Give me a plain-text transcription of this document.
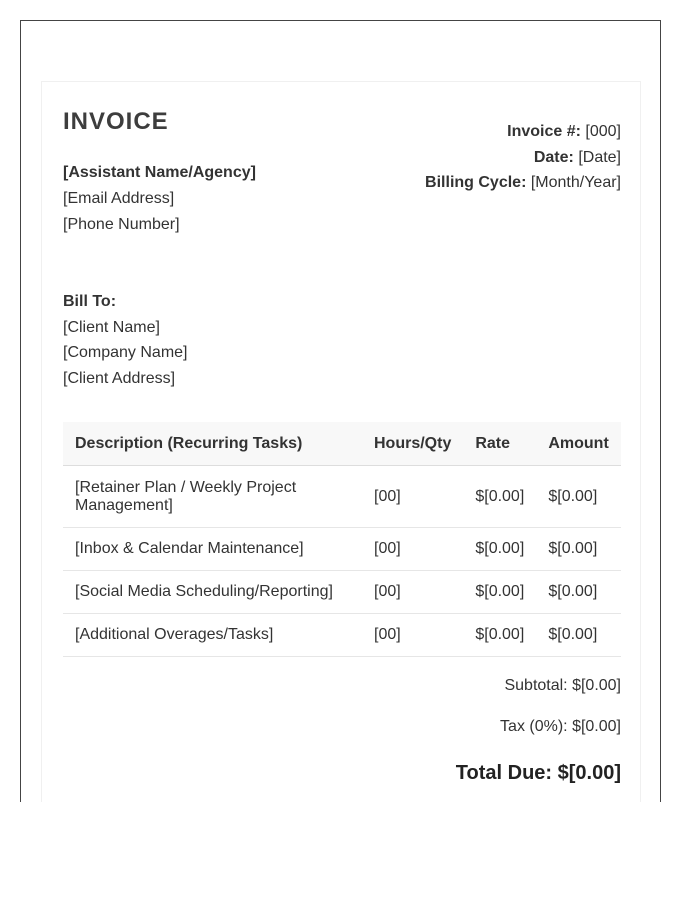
INVOICE
[Assistant Name/Agency]
[Email Address]
[Phone Number]
Invoice #: [000]
Date: [Date]
Billing Cycle: [Month/Year]
Bill To:
[Client Name]
[Company Name]
[Client Address]
Description (Recurring Tasks)	Hours/Qty	Rate	Amount
[Retainer Plan / Weekly Project Management]	[00]	$[0.00]	$[0.00]
[Inbox & Calendar Maintenance]	[00]	$[0.00]	$[0.00]
[Social Media Scheduling/Reporting]	[00]	$[0.00]	$[0.00]
[Additional Overages/Tasks]	[00]	$[0.00]	$[0.00]
Subtotal: $[0.00]
Tax (0%): $[0.00]
Total Due: $[0.00]
